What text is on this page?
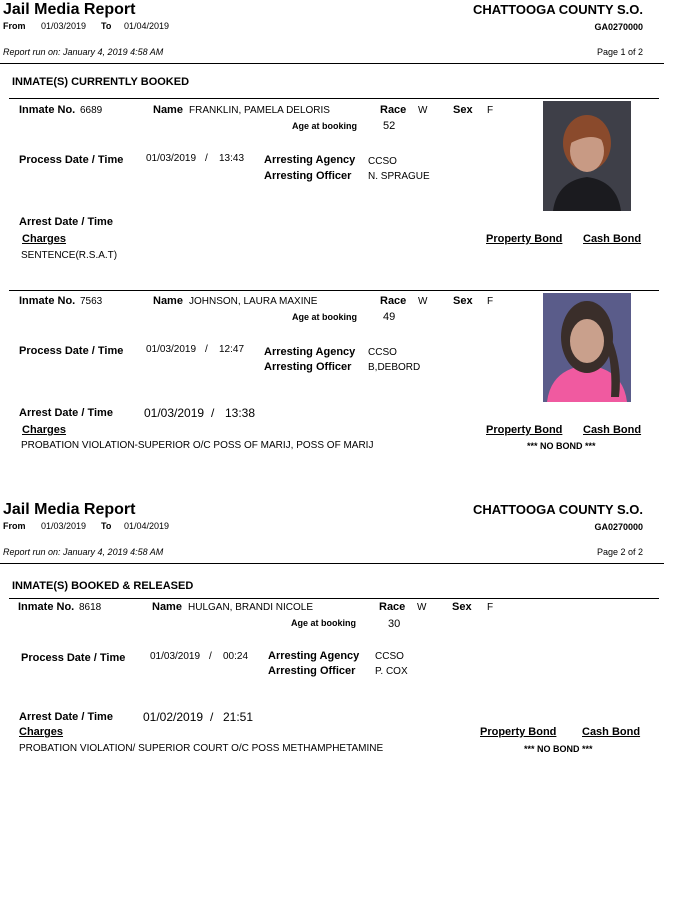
Jail Media Report
From 01/03/2019 To 01/04/2019
CHATTOOGA COUNTY S.O.
GA0270000
Report run on: January 4, 2019 4:58 AM	Page 1 of 2
INMATE(S) CURRENTLY BOOKED
Inmate No. 6689	Name FRANKLIN, PAMELA DELORIS	Race W Sex F
Age at booking 52
Process Date / Time 01/03/2019 / 13:43 Arresting Agency CCSO
Arresting Officer N. SPRAGUE
Arrest Date / Time
Charges	Property Bond Cash Bond
SENTENCE(R.S.A.T)
Inmate No. 7563	Name JOHNSON, LAURA MAXINE	Race W Sex F
Age at booking 49
Process Date / Time 01/03/2019 / 12:47 Arresting Agency CCSO
Arresting Officer B,DEBORD
Arrest Date / Time	01/03/2019 / 13:38
Charges	Property Bond Cash Bond
PROBATION VIOLATION-SUPERIOR O/C POSS OF MARIJ, POSS OF MARIJ	*** NO BOND ***
Jail Media Report
From 01/03/2019 To 01/04/2019
CHATTOOGA COUNTY S.O.
GA0270000
Report run on: January 4, 2019 4:58 AM	Page 2 of 2
INMATE(S) BOOKED & RELEASED
Inmate No. 8618	Name HULGAN, BRANDI NICOLE	Race W Sex F
Age at booking	30
Process Date / Time 01/03/2019 / 00:24 Arresting Agency CCSO
Arresting Officer P. COX
Arrest Date / Time	01/02/2019 / 21:51
Charges	Property Bond Cash Bond
PROBATION VIOLATION/ SUPERIOR COURT O/C POSS METHAMPHETAMINE	*** NO BOND ***
